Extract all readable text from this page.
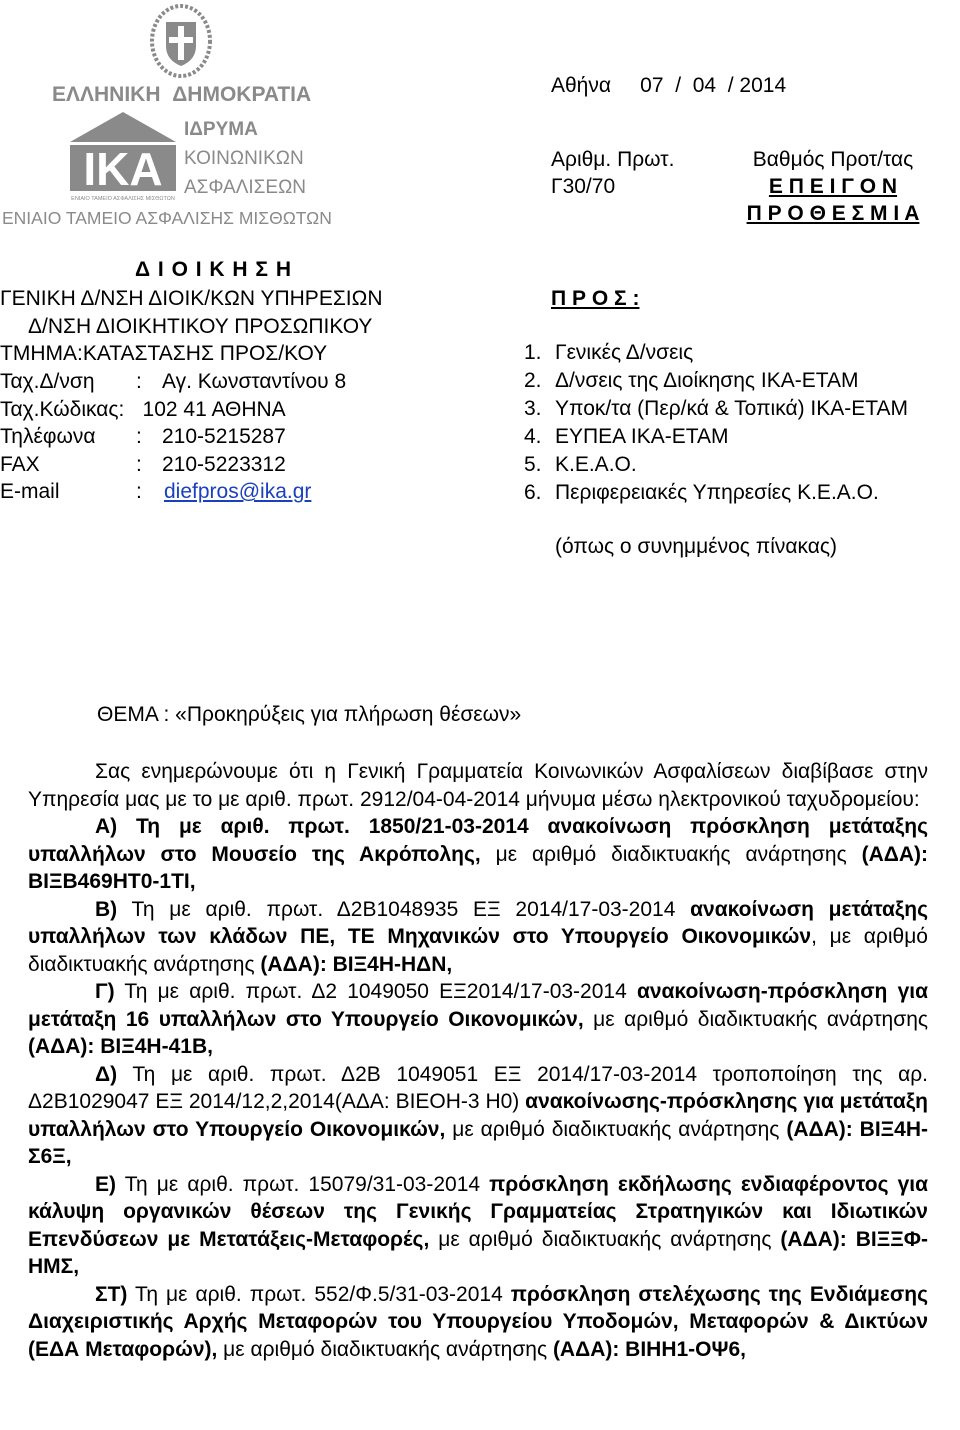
ΕΛΛΗΝΙΚΗ ΔΗΜΟΚΡΑΤΙΑ
ΙΚΑ
ΕΝΙΑΙΟ ΤΑΜΕΙΟ ΑΣΦΑΛΙΣΗΣ ΜΙΣΘΩΤΩΝ
ΙΔΡΥΜΑ
ΚΟΙΝΩΝΙΚΩΝ
ΑΣΦΑΛΙΣΕΩΝ
ΕΝΙΑΙΟ ΤΑΜΕΙΟ ΑΣΦΑΛΙΣΗΣ ΜΙΣΘΩΤΩΝ
Δ Ι Ο Ι Κ Η Σ Η
ΓΕΝΙΚΗ Δ/ΝΣΗ ΔΙΟΙΚ/ΚΩΝ ΥΠΗΡΕΣΙΩΝ
Δ/ΝΣΗ ΔΙΟΙΚΗΤΙΚΟΥ ΠΡΟΣΩΠΙΚΟΥ
ΤΜΗΜΑ:ΚΑΤΑΣΤΑΣΗΣ ΠΡΟΣ/ΚΟΥ
Ταχ.Δ/νση : Αγ. Κωνσταντίνου 8
Ταχ.Κώδικας: 102 41 ΑΘΗΝΑ
Τηλέφωνα : 210-5215287
FAX	: 210-5223312
E-mail	: diefpros@ika.gr
Αθήνα     07  /  04  / 2014
Αριθμ. Πρωτ.
Γ30/70
Βαθμός Προτ/τας
Ε Π Ε Ι Γ Ο Ν
Π Ρ Ο Θ Ε Σ Μ Ι Α
Π Ρ Ο Σ :
1. Γενικές Δ/νσεις
2. Δ/νσεις της Διοίκησης ΙΚΑ-ΕΤΑΜ
3. Υποκ/τα (Περ/κά & Τοπικά) ΙΚΑ-ΕΤΑΜ
4. ΕΥΠΕΑ ΙΚΑ-ΕΤΑΜ
5. Κ.Ε.Α.Ο.
6. Περιφερειακές Υπηρεσίες Κ.Ε.Α.Ο.
(όπως ο συνημμένος πίνακας)
ΘΕΜΑ : «Προκηρύξεις για πλήρωση θέσεων»

Σας ενημερώνουμε ότι η Γενική Γραμματεία Κοινωνικών Ασφαλίσεων διαβίβασε στην Υπηρεσία μας με το με αριθ. πρωτ. 2912/04-04-2014 μήνυμα μέσω ηλεκτρονικού ταχυδρομείου:

Α) Τη με αριθ. πρωτ. 1850/21-03-2014 ανακοίνωση πρόσκληση μετάταξης υπαλλήλων στο Μουσείο της Ακρόπολης, με αριθμό διαδικτυακής ανάρτησης (ΑΔΑ): ΒΙΞΒ469ΗΤ0-1ΤΙ,

Β) Τη με αριθ. πρωτ. Δ2Β1048935 ΕΞ 2014/17-03-2014 ανακοίνωση μετάταξης υπαλλήλων των κλάδων ΠΕ, ΤΕ Μηχανικών στο Υπουργείο Οικονομικών, με αριθμό διαδικτυακής ανάρτησης (ΑΔΑ): ΒΙΞ4Η-ΗΔΝ,

Γ) Τη με αριθ. πρωτ. Δ2 1049050 ΕΞ2014/17-03-2014 ανακοίνωση-πρόσκληση για μετάταξη 16 υπαλλήλων στο Υπουργείο Οικονομικών, με αριθμό διαδικτυακής ανάρτησης (ΑΔΑ): ΒΙΞ4Η-41Β,

Δ) Τη με αριθ. πρωτ. Δ2Β 1049051 ΕΞ 2014/17-03-2014 τροποποίηση της αρ. Δ2Β1029047 ΕΞ 2014/12,2,2014(ΑΔΑ: ΒΙΕΟΗ-3 Η0) ανακοίνωσης-πρόσκλησης για μετάταξη υπαλλήλων στο Υπουργείο Οικονομικών, με αριθμό διαδικτυακής ανάρτησης (ΑΔΑ): ΒΙΞ4Η-Σ6Ξ,

Ε) Τη με αριθ. πρωτ. 15079/31-03-2014 πρόσκληση εκδήλωσης ενδιαφέροντος για κάλυψη οργανικών θέσεων της Γενικής Γραμματείας Στρατηγικών και Ιδιωτικών Επενδύσεων με Μετατάξεις-Μεταφορές, με αριθμό διαδικτυακής ανάρτησης (ΑΔΑ): ΒΙΞΞΦ-ΗΜΣ,

ΣΤ) Τη με αριθ. πρωτ. 552/Φ.5/31-03-2014 πρόσκληση στελέχωσης της Ενδιάμεσης Διαχειριστικής Αρχής Μεταφορών του Υπουργείου Υποδομών, Μεταφορών & Δικτύων (ΕΔΑ Μεταφορών), με αριθμό διαδικτυακής ανάρτησης (ΑΔΑ): ΒΙΗΗ1-ΟΨ6,
